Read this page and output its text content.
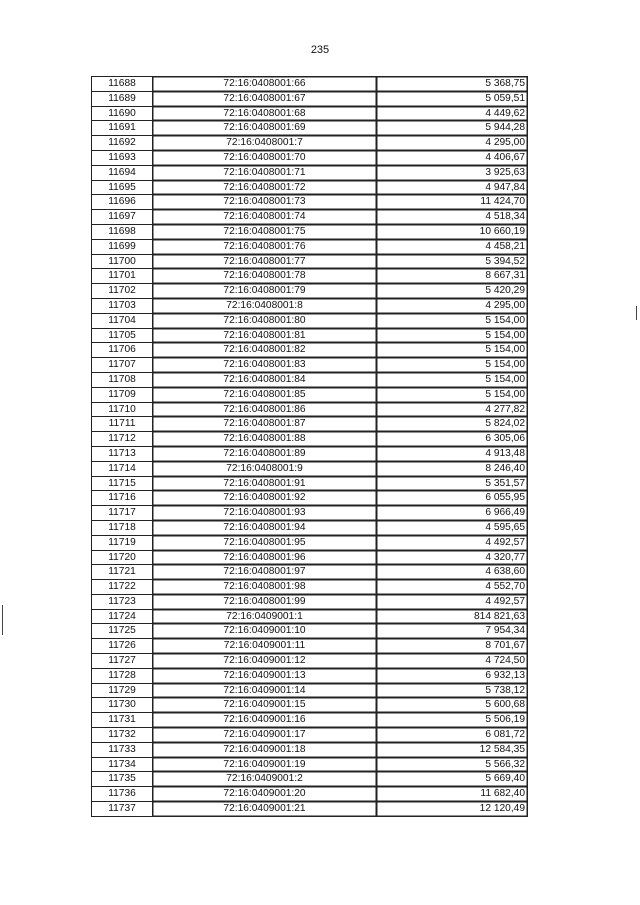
235
11688	72:16:0408001:66	5 368,75
11689	72:16:0408001:67	5 059,51
11690	72:16:0408001:68	4 449,62
11691	72:16:0408001:69	5 944,28
11692	72:16:0408001:7	4 295,00
11693	72:16:0408001:70	4 406,67
11694	72:16:0408001:71	3 925,63
11695	72:16:0408001:72	4 947,84
11696	72:16:0408001:73	11 424,70
11697	72:16:0408001:74	4 518,34
11698	72:16:0408001:75	10 660,19
11699	72:16:0408001:76	4 458,21
11700	72:16:0408001:77	5 394,52
11701	72:16:0408001:78	8 667,31
11702	72:16:0408001:79	5 420,29
11703	72:16:0408001:8	4 295,00
11704	72:16:0408001:80	5 154,00
11705	72:16:0408001:81	5 154,00
11706	72:16:0408001:82	5 154,00
11707	72:16:0408001:83	5 154,00
11708	72:16:0408001:84	5 154,00
11709	72:16:0408001:85	5 154,00
11710	72:16:0408001:86	4 277,82
11711	72:16:0408001:87	5 824,02
11712	72:16:0408001:88	6 305,06
11713	72:16:0408001:89	4 913,48
11714	72:16:0408001:9	8 246,40
11715	72:16:0408001:91	5 351,57
11716	72:16:0408001:92	6 055,95
11717	72:16:0408001:93	6 966,49
11718	72:16:0408001:94	4 595,65
11719	72:16:0408001:95	4 492,57
11720	72:16:0408001:96	4 320,77
11721	72:16:0408001:97	4 638,60
11722	72:16:0408001:98	4 552,70
11723	72:16:0408001:99	4 492,57
11724	72:16:0409001:1	814 821,63
11725	72:16:0409001:10	7 954,34
11726	72:16:0409001:11	8 701,67
11727	72:16:0409001:12	4 724,50
11728	72:16:0409001:13	6 932,13
11729	72:16:0409001:14	5 738,12
11730	72:16:0409001:15	5 600,68
11731	72:16:0409001:16	5 506,19
11732	72:16:0409001:17	6 081,72
11733	72:16:0409001:18	12 584,35
11734	72:16:0409001:19	5 566,32
11735	72:16:0409001:2	5 669,40
11736	72:16:0409001:20	11 682,40
11737	72:16:0409001:21	12 120,49
